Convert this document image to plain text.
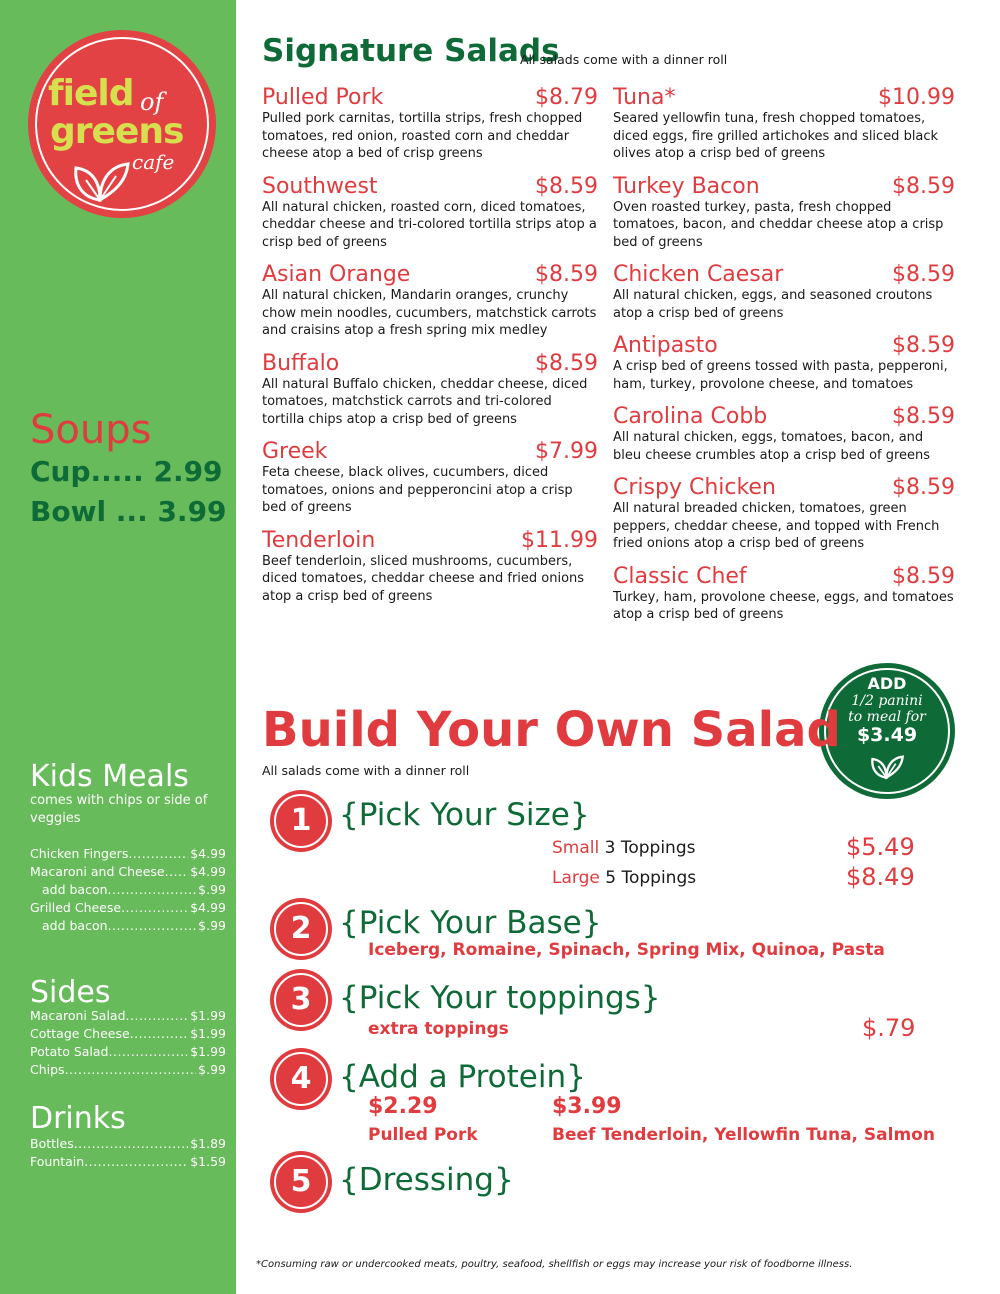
field of
greens
cafe
Soups
Cup..... 2.99
Bowl ... 3.99
Kids Meals
comes with chips or side of veggies
Chicken Fingers .....	$4.99
Macaroni and Cheese ..... $4.99
add bacon .....	$.99
Grilled Cheese .....	$4.99
add bacon .....	$.99
Sides
Macaroni Salad .....	$1.99
Cottage Cheese .....	$1.99
Potato Salad .....	$1.99
Chips .....	$.99
Drinks
Bottles .....	$1.89
Fountain .....	$1.59
Signature Salads
All salads come with a dinner roll
Pulled Pork	$8.79
Pulled pork carnitas, tortilla strips, fresh chopped tomatoes, red onion, roasted corn and cheddar cheese atop a bed of crisp greens
Southwest	$8.59
All natural chicken, roasted corn, diced tomatoes, cheddar cheese and tri-colored tortilla strips atop a crisp bed of greens
Asian Orange	$8.59
All natural chicken, Mandarin oranges, crunchy chow mein noodles, cucumbers, matchstick carrots and craisins atop a fresh spring mix medley
Buffalo	$8.59
All natural Buffalo chicken, cheddar cheese, diced tomatoes, matchstick carrots and tri-colored tortilla chips atop a crisp bed of greens
Greek	$7.99
Feta cheese, black olives, cucumbers, diced tomatoes, onions and pepperoncini atop a crisp bed of greens
Tenderloin	$11.99
Beef tenderloin, sliced mushrooms, cucumbers, diced tomatoes, cheddar cheese and fried onions atop a crisp bed of greens
Tuna*	$10.99
Seared yellowfin tuna, fresh chopped tomatoes, diced eggs, fire grilled artichokes and sliced black olives atop a crisp bed of greens
Turkey Bacon	$8.59
Oven roasted turkey, pasta, fresh chopped tomatoes, bacon, and cheddar cheese atop a crisp bed of greens
Chicken Caesar	$8.59
All natural chicken, eggs, and seasoned croutons atop a crisp bed of greens
Antipasto	$8.59
A crisp bed of greens tossed with pasta, pepperoni, ham, turkey, provolone cheese, and tomatoes
Carolina Cobb	$8.59
All natural chicken, eggs, tomatoes, bacon, and bleu cheese crumbles atop a crisp bed of greens
Crispy Chicken	$8.59
All natural breaded chicken, tomatoes, green peppers, cheddar cheese, and topped with French fried onions atop a crisp bed of greens
Classic Chef	$8.59
Turkey, ham, provolone cheese, eggs, and tomatoes atop a crisp bed of greens
ADD
1/2 panini
to meal for
$3.49
Build Your Own Salad
All salads come with a dinner roll
1 {Pick Your Size}
Small 3 Toppings	$5.49
Large 5 Toppings	$8.49
2 {Pick Your Base}
Iceberg, Romaine, Spinach, Spring Mix, Quinoa, Pasta
3 {Pick Your toppings}
extra toppings	$.79
4 {Add a Protein}
$2.29
Pulled Pork
$3.99
Beef Tenderloin, Yellowfin Tuna, Salmon
5 {Dressing}
*Consuming raw or undercooked meats, poultry, seafood, shellfish or eggs may increase your risk of foodborne illness.
